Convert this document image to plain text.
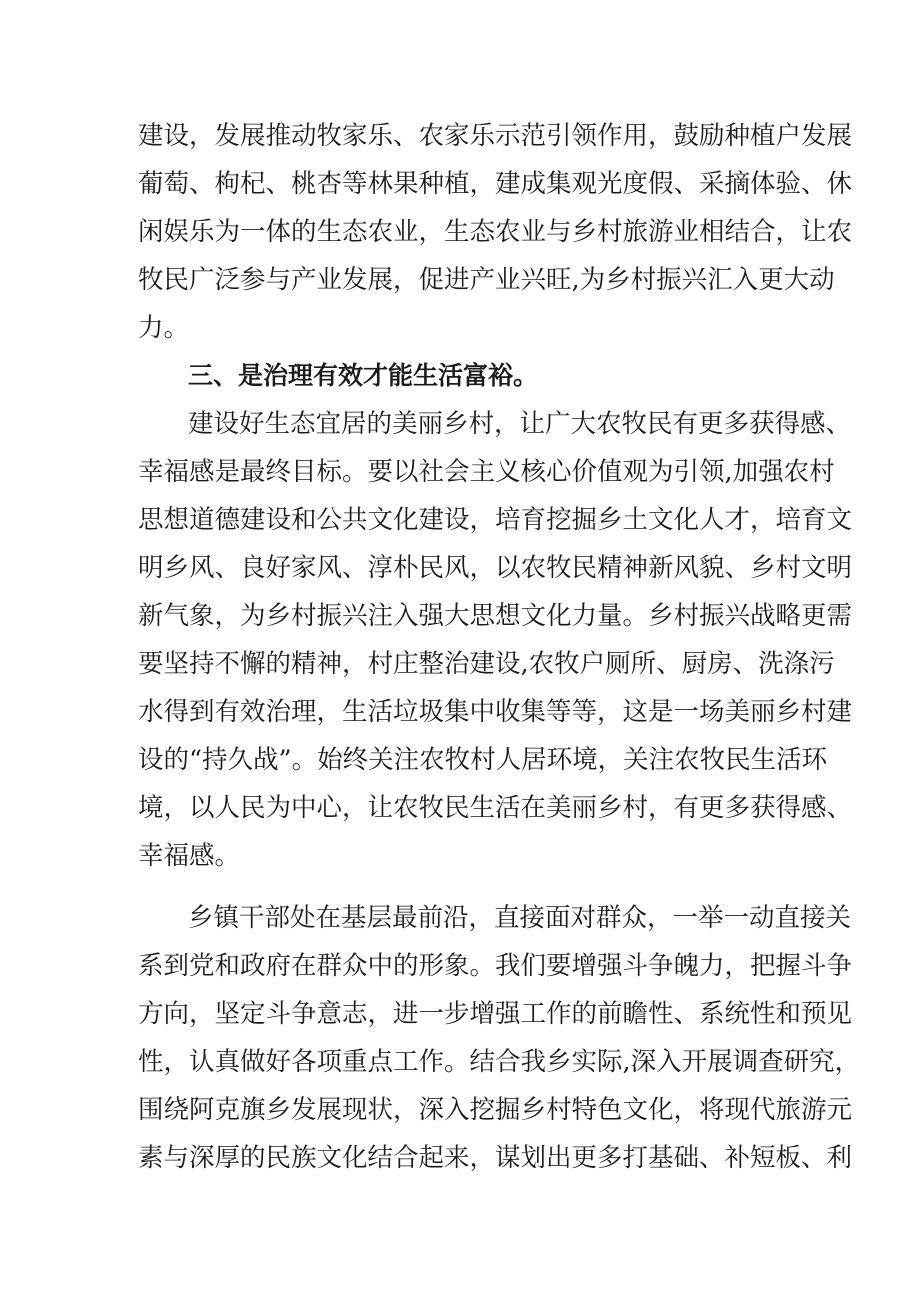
建设，发展推动牧家乐、农家乐示范引领作用，鼓励种植户发展
葡萄、枸杞、桃杏等林果种植，建成集观光度假、采摘体验、休
闲娱乐为一体的生态农业，生态农业与乡村旅游业相结合，让农
牧民广泛参与产业发展，促进产业兴旺,为乡村振兴汇入更大动
力。
三、是治理有效才能生活富裕。
建设好生态宜居的美丽乡村，让广大农牧民有更多获得感、
幸福感是最终目标。要以社会主义核心价值观为引领,加强农村
思想道德建设和公共文化建设，培育挖掘乡土文化人才，培育文
明乡风、良好家风、淳朴民风，以农牧民精神新风貌、乡村文明
新气象，为乡村振兴注入强大思想文化力量。乡村振兴战略更需
要坚持不懈的精神，村庄整治建设,农牧户厕所、厨房、洗涤污
水得到有效治理，生活垃圾集中收集等等，这是一场美丽乡村建
设的“持久战”。始终关注农牧村人居环境，关注农牧民生活环
境，以人民为中心，让农牧民生活在美丽乡村，有更多获得感、
幸福感。
乡镇干部处在基层最前沿，直接面对群众，一举一动直接关
系到党和政府在群众中的形象。我们要增强斗争魄力，把握斗争
方向，坚定斗争意志，进一步增强工作的前瞻性、系统性和预见
性，认真做好各项重点工作。结合我乡实际,深入开展调查研究，
围绕阿克旗乡发展现状，深入挖掘乡村特色文化，将现代旅游元
素与深厚的民族文化结合起来，谋划出更多打基础、补短板、利
